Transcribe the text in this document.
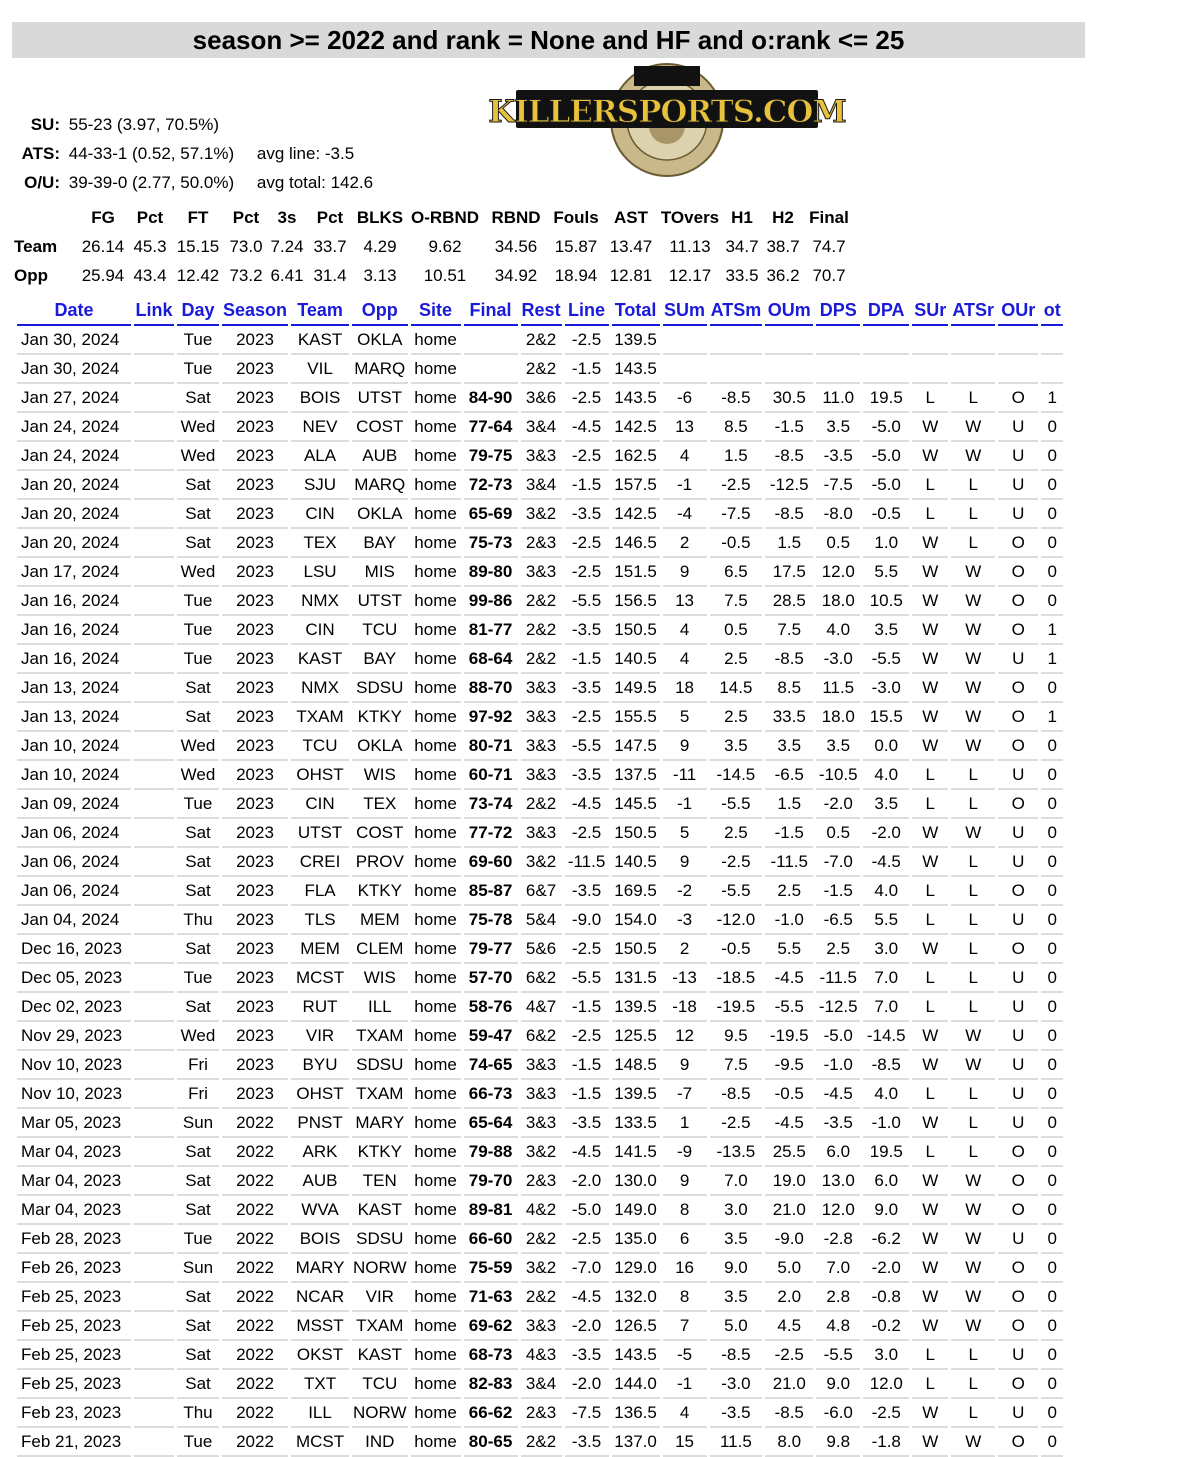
season >= 2022 and rank = None and HF and o:rank <= 25
SU: 55-23 (3.97, 70.5%)
ATS: 44-33-1 (0.52, 57.1%) avg line: -3.5
O/U: 39-39-0 (2.77, 50.0%) avg total: 142.6
KILLERSPORTS.COM
	FG	Pct	FT	Pct	3s	Pct	BLKS	O-RBND	RBND	Fouls	AST	TOvers	H1	H2	Final
Team	26.14	45.3	15.15	73.0	7.24	33.7	4.29	9.62	34.56	15.87	13.47	11.13	34.7	38.7	74.7
Opp	25.94	43.4	12.42	73.2	6.41	31.4	3.13	10.51	34.92	18.94	12.81	12.17	33.5	36.2	70.7
Date	Link	Day	Season	Team	Opp	Site	Final	Rest	Line	Total	SUm	ATSm	OUm	DPS	DPA	SUr	ATSr	OUr	ot
Jan 30, 2024		Tue	2023	KAST	OKLA	home		2&2	-2.5	139.5									
Jan 30, 2024		Tue	2023	VIL	MARQ	home		2&2	-1.5	143.5									
Jan 27, 2024		Sat	2023	BOIS	UTST	home	84-90	3&6	-2.5	143.5	-6	-8.5	30.5	11.0	19.5	L	L	O	1
Jan 24, 2024		Wed	2023	NEV	COST	home	77-64	3&4	-4.5	142.5	13	8.5	-1.5	3.5	-5.0	W	W	U	0
Jan 24, 2024		Wed	2023	ALA	AUB	home	79-75	3&3	-2.5	162.5	4	1.5	-8.5	-3.5	-5.0	W	W	U	0
Jan 20, 2024		Sat	2023	SJU	MARQ	home	72-73	3&4	-1.5	157.5	-1	-2.5	-12.5	-7.5	-5.0	L	L	U	0
Jan 20, 2024		Sat	2023	CIN	OKLA	home	65-69	3&2	-3.5	142.5	-4	-7.5	-8.5	-8.0	-0.5	L	L	U	0
Jan 20, 2024		Sat	2023	TEX	BAY	home	75-73	2&3	-2.5	146.5	2	-0.5	1.5	0.5	1.0	W	L	O	0
Jan 17, 2024		Wed	2023	LSU	MIS	home	89-80	3&3	-2.5	151.5	9	6.5	17.5	12.0	5.5	W	W	O	0
Jan 16, 2024		Tue	2023	NMX	UTST	home	99-86	2&2	-5.5	156.5	13	7.5	28.5	18.0	10.5	W	W	O	0
Jan 16, 2024		Tue	2023	CIN	TCU	home	81-77	2&2	-3.5	150.5	4	0.5	7.5	4.0	3.5	W	W	O	1
Jan 16, 2024		Tue	2023	KAST	BAY	home	68-64	2&2	-1.5	140.5	4	2.5	-8.5	-3.0	-5.5	W	W	U	1
Jan 13, 2024		Sat	2023	NMX	SDSU	home	88-70	3&3	-3.5	149.5	18	14.5	8.5	11.5	-3.0	W	W	O	0
Jan 13, 2024		Sat	2023	TXAM	KTKY	home	97-92	3&3	-2.5	155.5	5	2.5	33.5	18.0	15.5	W	W	O	1
Jan 10, 2024		Wed	2023	TCU	OKLA	home	80-71	3&3	-5.5	147.5	9	3.5	3.5	3.5	0.0	W	W	O	0
Jan 10, 2024		Wed	2023	OHST	WIS	home	60-71	3&3	-3.5	137.5	-11	-14.5	-6.5	-10.5	4.0	L	L	U	0
Jan 09, 2024		Tue	2023	CIN	TEX	home	73-74	2&2	-4.5	145.5	-1	-5.5	1.5	-2.0	3.5	L	L	O	0
Jan 06, 2024		Sat	2023	UTST	COST	home	77-72	3&3	-2.5	150.5	5	2.5	-1.5	0.5	-2.0	W	W	U	0
Jan 06, 2024		Sat	2023	CREI	PROV	home	69-60	3&2	-11.5	140.5	9	-2.5	-11.5	-7.0	-4.5	W	L	U	0
Jan 06, 2024		Sat	2023	FLA	KTKY	home	85-87	6&7	-3.5	169.5	-2	-5.5	2.5	-1.5	4.0	L	L	O	0
Jan 04, 2024		Thu	2023	TLS	MEM	home	75-78	5&4	-9.0	154.0	-3	-12.0	-1.0	-6.5	5.5	L	L	U	0
Dec 16, 2023		Sat	2023	MEM	CLEM	home	79-77	5&6	-2.5	150.5	2	-0.5	5.5	2.5	3.0	W	L	O	0
Dec 05, 2023		Tue	2023	MCST	WIS	home	57-70	6&2	-5.5	131.5	-13	-18.5	-4.5	-11.5	7.0	L	L	U	0
Dec 02, 2023		Sat	2023	RUT	ILL	home	58-76	4&7	-1.5	139.5	-18	-19.5	-5.5	-12.5	7.0	L	L	U	0
Nov 29, 2023		Wed	2023	VIR	TXAM	home	59-47	6&2	-2.5	125.5	12	9.5	-19.5	-5.0	-14.5	W	W	U	0
Nov 10, 2023		Fri	2023	BYU	SDSU	home	74-65	3&3	-1.5	148.5	9	7.5	-9.5	-1.0	-8.5	W	W	U	0
Nov 10, 2023		Fri	2023	OHST	TXAM	home	66-73	3&3	-1.5	139.5	-7	-8.5	-0.5	-4.5	4.0	L	L	U	0
Mar 05, 2023		Sun	2022	PNST	MARY	home	65-64	3&3	-3.5	133.5	1	-2.5	-4.5	-3.5	-1.0	W	L	U	0
Mar 04, 2023		Sat	2022	ARK	KTKY	home	79-88	3&2	-4.5	141.5	-9	-13.5	25.5	6.0	19.5	L	L	O	0
Mar 04, 2023		Sat	2022	AUB	TEN	home	79-70	2&3	-2.0	130.0	9	7.0	19.0	13.0	6.0	W	W	O	0
Mar 04, 2023		Sat	2022	WVA	KAST	home	89-81	4&2	-5.0	149.0	8	3.0	21.0	12.0	9.0	W	W	O	0
Feb 28, 2023		Tue	2022	BOIS	SDSU	home	66-60	2&2	-2.5	135.0	6	3.5	-9.0	-2.8	-6.2	W	W	U	0
Feb 26, 2023		Sun	2022	MARY	NORW	home	75-59	3&2	-7.0	129.0	16	9.0	5.0	7.0	-2.0	W	W	O	0
Feb 25, 2023		Sat	2022	NCAR	VIR	home	71-63	2&2	-4.5	132.0	8	3.5	2.0	2.8	-0.8	W	W	O	0
Feb 25, 2023		Sat	2022	MSST	TXAM	home	69-62	3&3	-2.0	126.5	7	5.0	4.5	4.8	-0.2	W	W	O	0
Feb 25, 2023		Sat	2022	OKST	KAST	home	68-73	4&3	-3.5	143.5	-5	-8.5	-2.5	-5.5	3.0	L	L	U	0
Feb 25, 2023		Sat	2022	TXT	TCU	home	82-83	3&4	-2.0	144.0	-1	-3.0	21.0	9.0	12.0	L	L	O	0
Feb 23, 2023		Thu	2022	ILL	NORW	home	66-62	2&3	-7.5	136.5	4	-3.5	-8.5	-6.0	-2.5	W	L	U	0
Feb 21, 2023		Tue	2022	MCST	IND	home	80-65	2&2	-3.5	137.0	15	11.5	8.0	9.8	-1.8	W	W	O	0
